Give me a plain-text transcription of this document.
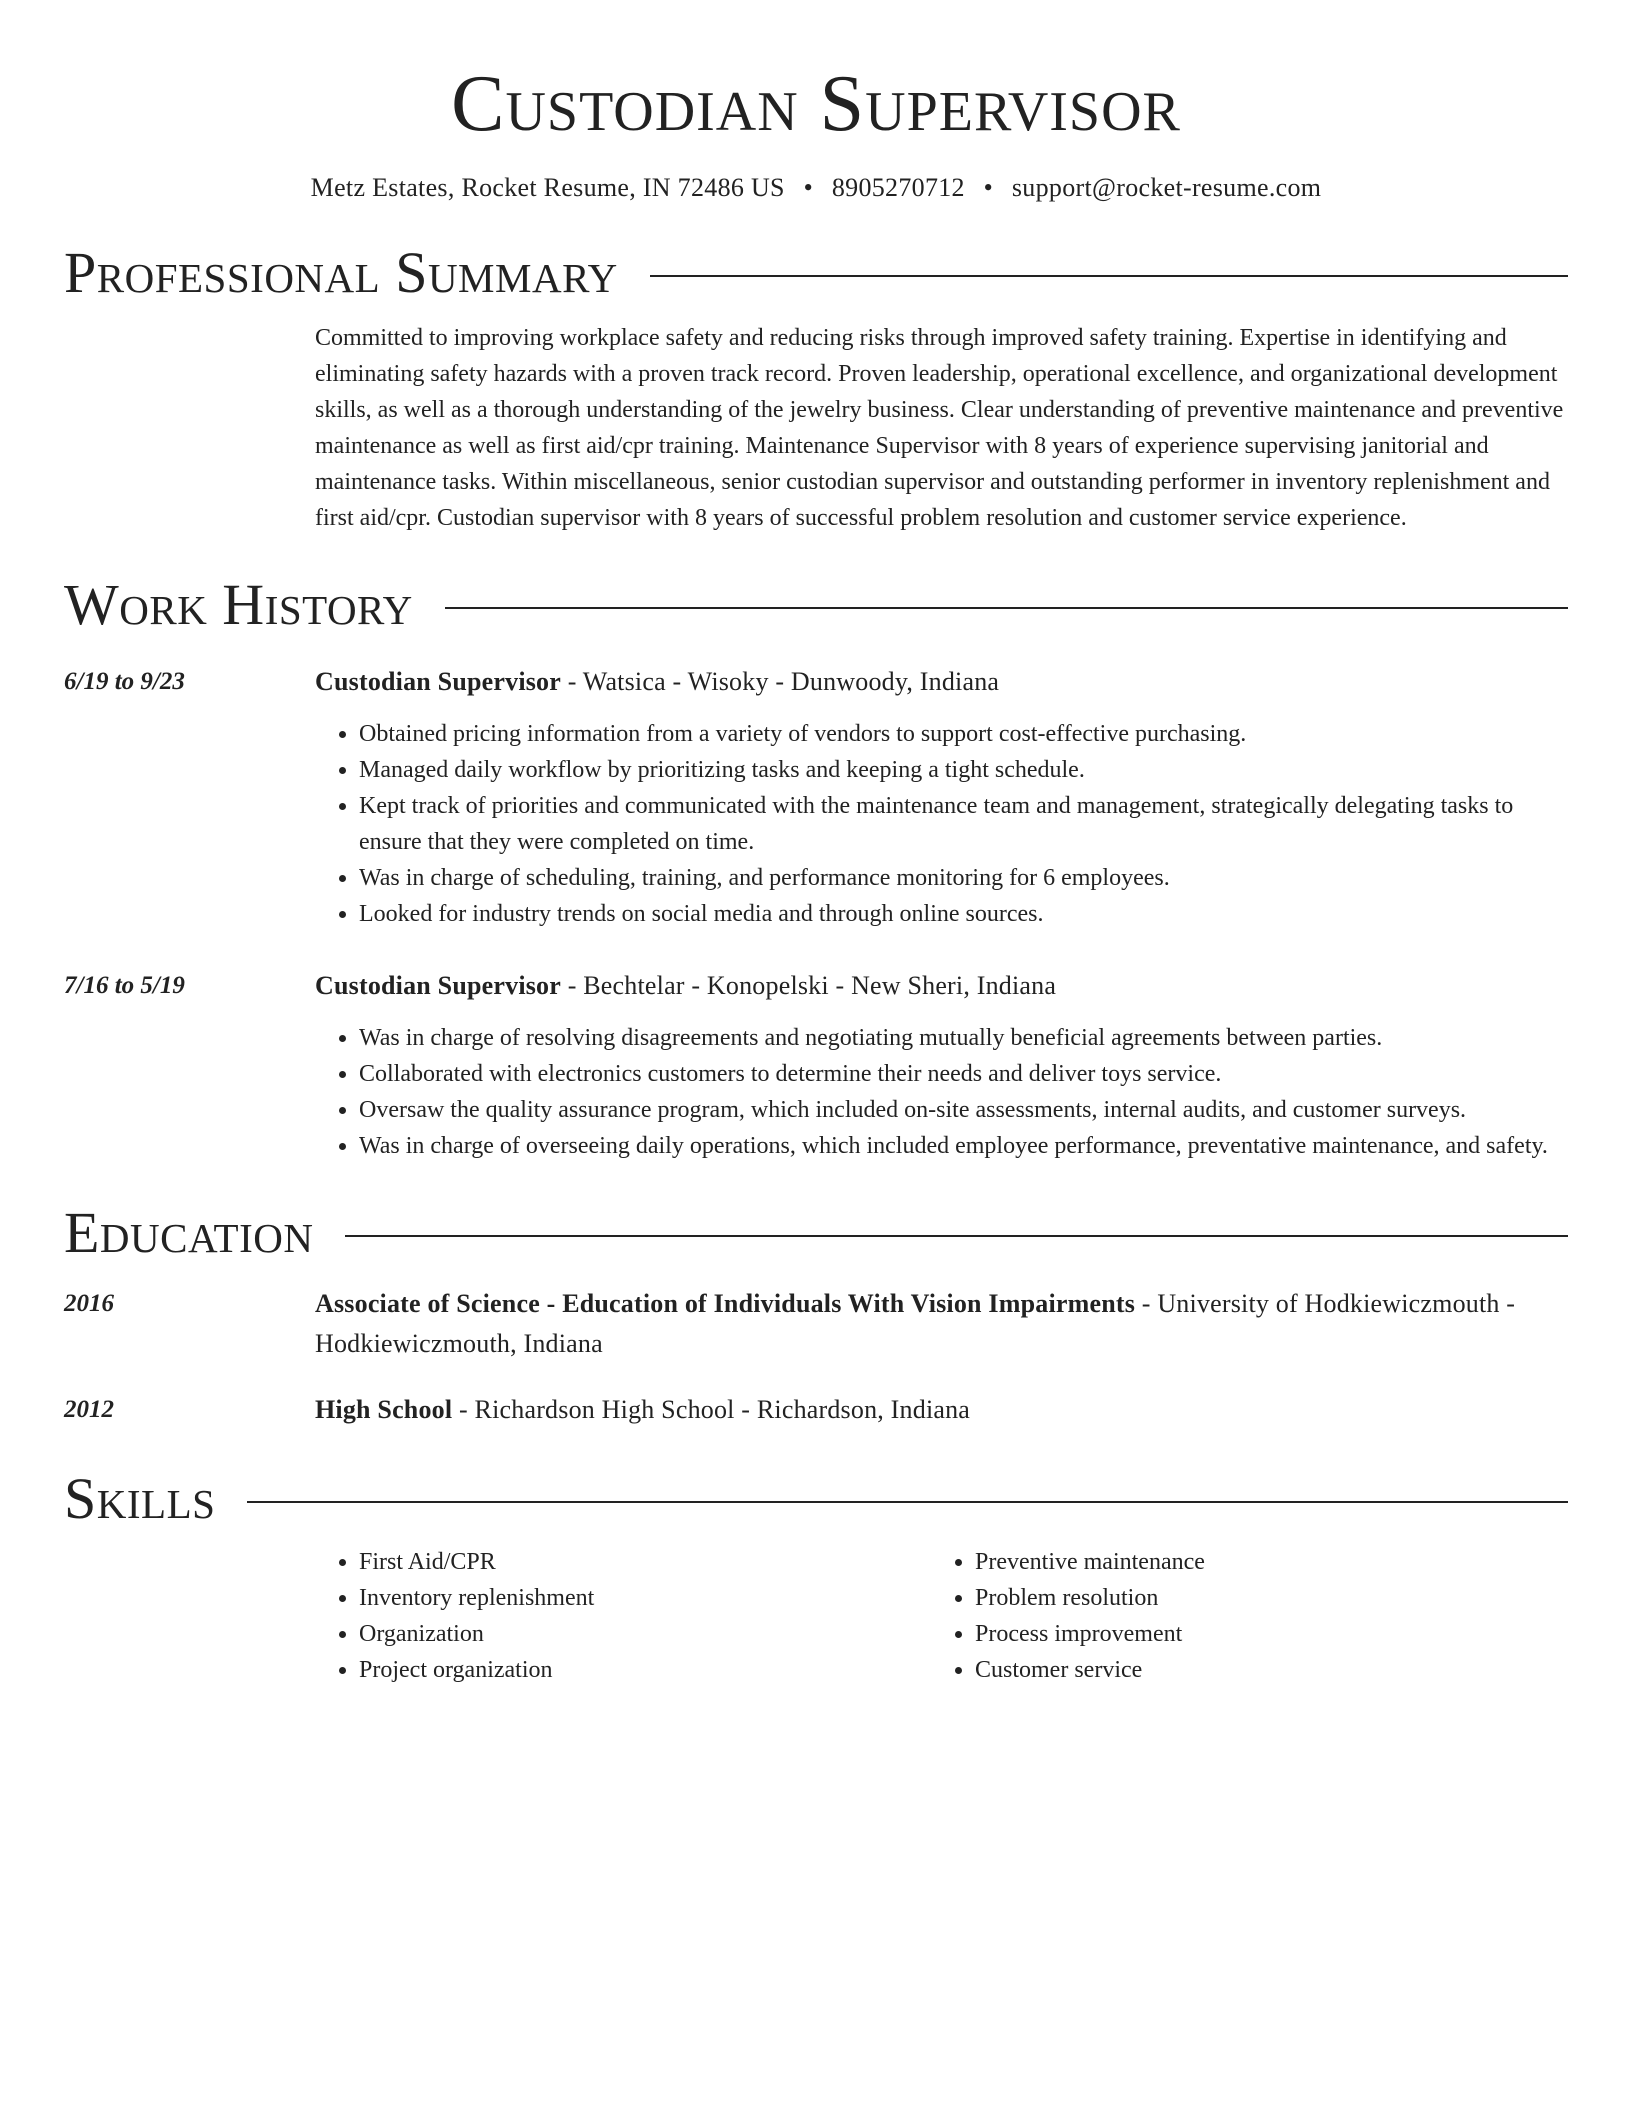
Custodian Supervisor
Metz Estates, Rocket Resume, IN 72486 US • 8905270712 • support@rocket-resume.com
Professional Summary
Committed to improving workplace safety and reducing risks through improved safety training. Expertise in identifying and eliminating safety hazards with a proven track record. Proven leadership, operational excellence, and organizational development skills, as well as a thorough understanding of the jewelry business. Clear understanding of preventive maintenance and preventive maintenance as well as first aid/cpr training. Maintenance Supervisor with 8 years of experience supervising janitorial and maintenance tasks. Within miscellaneous, senior custodian supervisor and outstanding performer in inventory replenishment and first aid/cpr. Custodian supervisor with 8 years of successful problem resolution and customer service experience.
Work History
6/19 to 9/23	Custodian Supervisor - Watsica - Wisoky - Dunwoody, Indiana
• Obtained pricing information from a variety of vendors to support cost-effective purchasing.
• Managed daily workflow by prioritizing tasks and keeping a tight schedule.
• Kept track of priorities and communicated with the maintenance team and management, strategically delegating tasks to ensure that they were completed on time.
• Was in charge of scheduling, training, and performance monitoring for 6 employees.
• Looked for industry trends on social media and through online sources.
7/16 to 5/19	Custodian Supervisor - Bechtelar - Konopelski - New Sheri, Indiana
• Was in charge of resolving disagreements and negotiating mutually beneficial agreements between parties.
• Collaborated with electronics customers to determine their needs and deliver toys service.
• Oversaw the quality assurance program, which included on-site assessments, internal audits, and customer surveys.
• Was in charge of overseeing daily operations, which included employee performance, preventative maintenance, and safety.
Education
2016	Associate of Science - Education of Individuals With Vision Impairments - University of Hodkiewiczmouth - Hodkiewiczmouth, Indiana
2012	High School - Richardson High School - Richardson, Indiana
Skills
• First Aid/CPR
• Inventory replenishment
• Organization
• Project organization
• Preventive maintenance
• Problem resolution
• Process improvement
• Customer service
